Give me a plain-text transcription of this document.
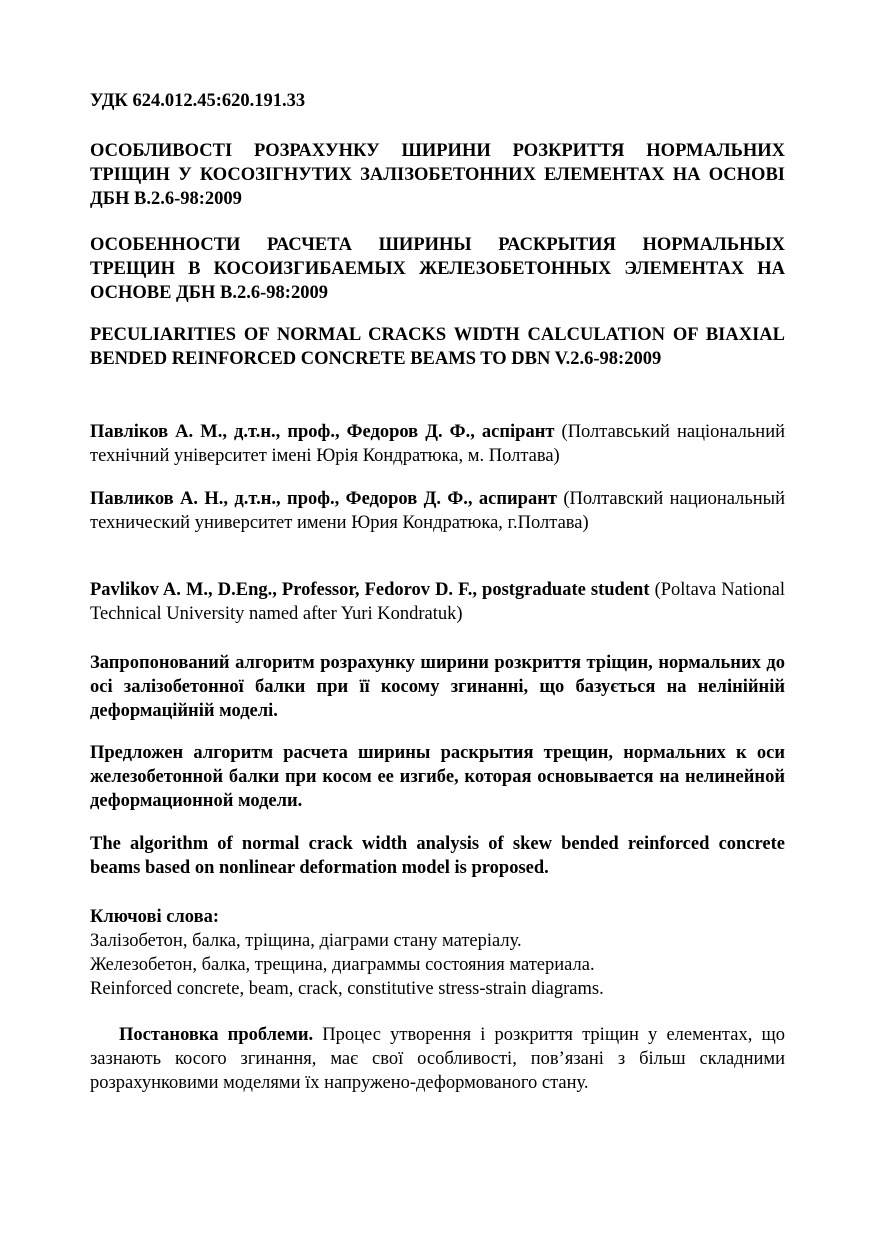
УДК 624.012.45:620.191.33
ОСОБЛИВОСТІ РОЗРАХУНКУ ШИРИНИ РОЗКРИТТЯ НОРМАЛЬНИХ ТРІЩИН У КОСОЗІГНУТИХ ЗАЛІЗОБЕТОННИХ ЕЛЕМЕНТАХ НА ОСНОВІ ДБН В.2.6-98:2009
ОСОБЕННОСТИ РАСЧЕТА ШИРИНЫ РАСКРЫТИЯ НОРМАЛЬНЫХ ТРЕЩИН В КОСОИЗГИБАЕМЫХ ЖЕЛЕЗОБЕТОННЫХ ЭЛЕМЕНТАХ НА ОСНОВЕ ДБН В.2.6-98:2009
PECULIARITIES OF NORMAL CRACKS WIDTH CALCULATION OF BIAXIAL BENDED REINFORCED CONCRETE BEAMS TO DBN V.2.6-98:2009
Павліков А. М., д.т.н., проф., Федоров Д. Ф., аспірант (Полтавський національний технічний університет імені Юрія Кондратюка, м. Полтава)
Павликов А. Н., д.т.н., проф., Федоров Д. Ф., аспирант (Полтавский национальный технический университет имени Юрия Кондратюка, г.Полтава)
Pavlikov A. M., D.Eng., Professor, Fedorov D. F., postgraduate student (Poltava National Technical University named after Yuri Kondratuk)
Запропонований алгоритм розрахунку ширини розкриття тріщин, нормальних до осі залізобетонної балки при її косому згинанні, що базується на нелінійній деформаційній моделі.
Предложен алгоритм расчета ширины раскрытия трещин, нормальних к оси железобетонной балки при косом ее изгибе, которая основывается на нелинейной деформационной модели.
The algorithm of normal crack width analysis of skew bended reinforced concrete beams based on nonlinear deformation model is proposed.
Ключові слова:
Залізобетон, балка, тріщина, діаграми стану матеріалу.
Железобетон, балка, трещина, диаграммы состояния материала.
Reinforced concrete, beam, crack, constitutive stress-strain diagrams.
Постановка проблеми. Процес утворення і розкриття тріщин у елементах, що зазнають косого згинання, має свої особливості, пов’язані з більш складними розрахунковими моделями їх напружено-деформованого стану.
